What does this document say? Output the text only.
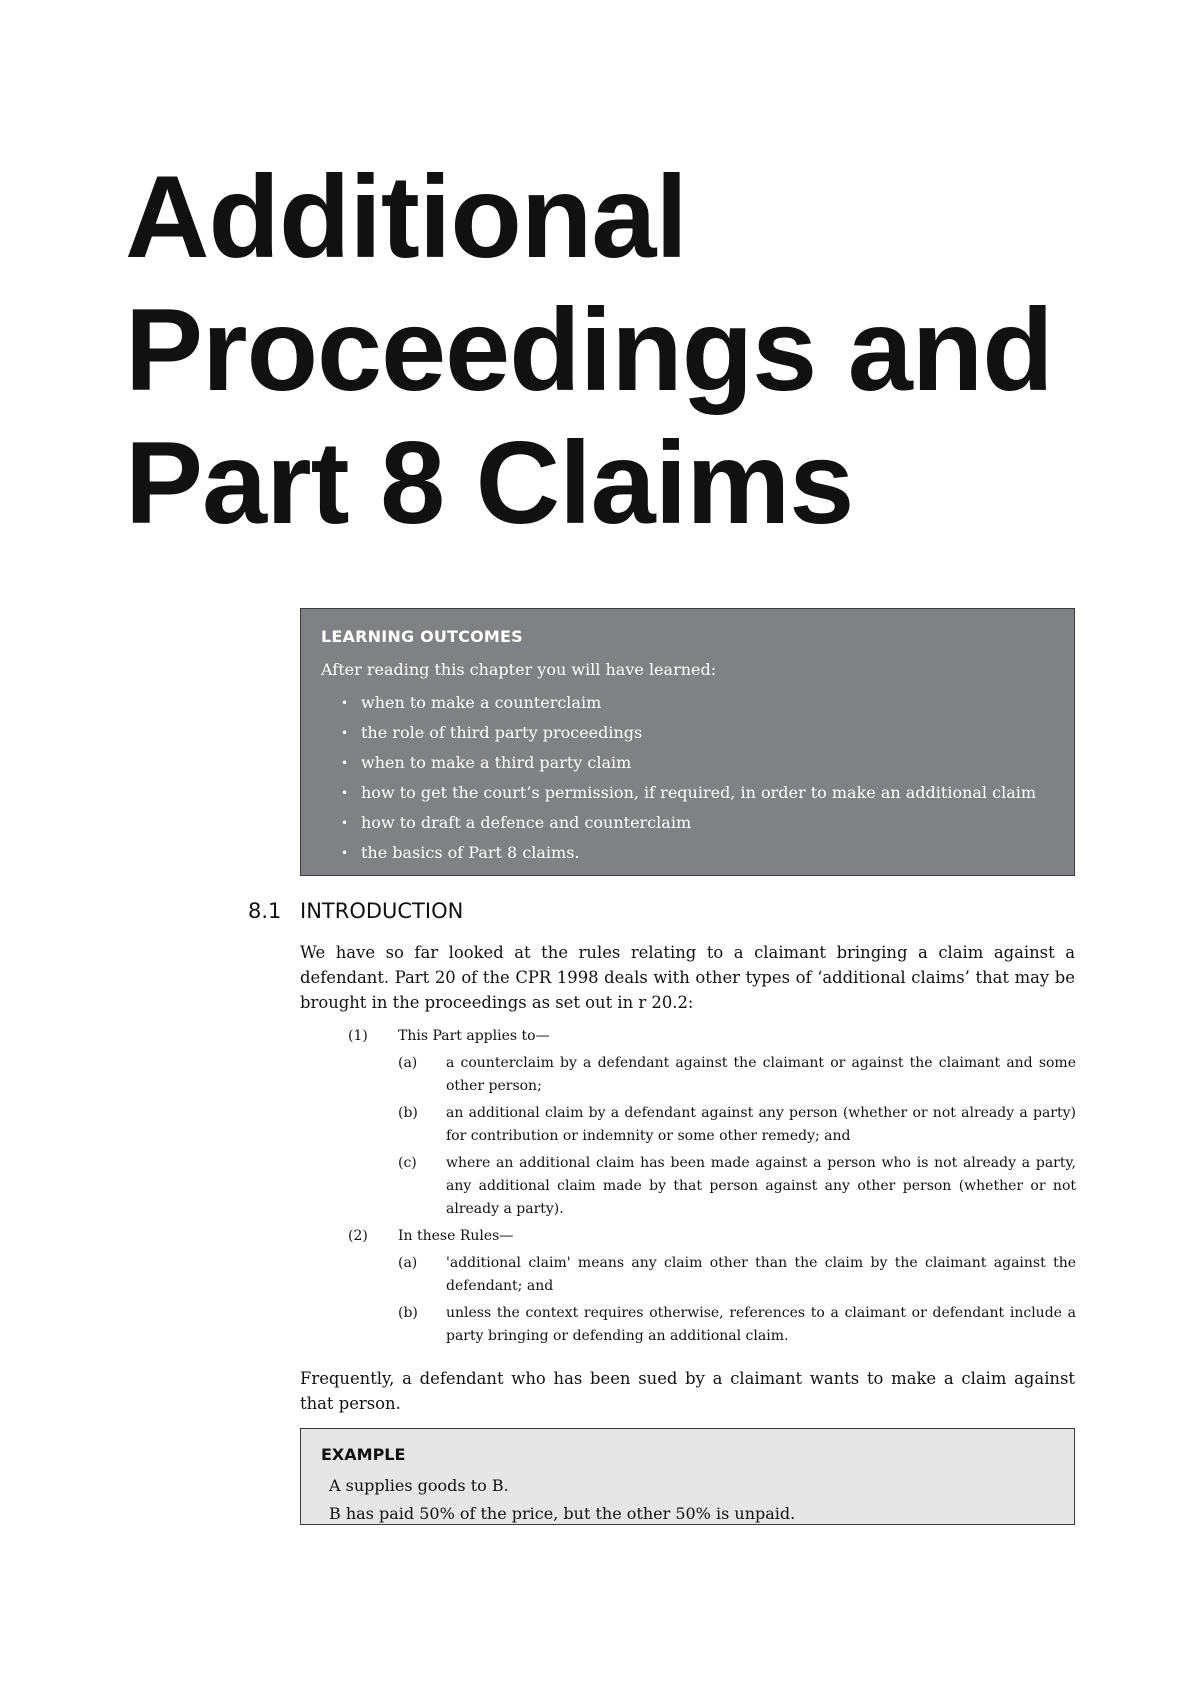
Additional
Proceedings and
Part 8 Claims
LEARNING OUTCOMES
After reading this chapter you will have learned:
• when to make a counterclaim
• the role of third party proceedings
• when to make a third party claim
• how to get the court’s permission, if required, in order to make an additional claim
• how to draft a defence and counterclaim
• the basics of Part 8 claims.
8.1 INTRODUCTION

We have so far looked at the rules relating to a claimant bringing a claim against a defendant. Part 20 of the CPR 1998 deals with other types of ‘additional claims’ that may be brought in the proceedings as set out in r 20.2:

(1)	This Part applies to—
(a)	a counterclaim by a defendant against the claimant or against the claimant and some other person;
(b)	an additional claim by a defendant against any person (whether or not already a party) for contribution or indemnity or some other remedy; and
(c)	where an additional claim has been made against a person who is not already a party, any additional claim made by that person against any other person (whether or not already a party).
(2)	In these Rules—
(a)	'additional claim' means any claim other than the claim by the claimant against the defendant; and
(b)	unless the context requires otherwise, references to a claimant or defendant include a party bringing or defending an additional claim.

Frequently, a defendant who has been sued by a claimant wants to make a claim against that person.

EXAMPLE
A supplies goods to B.
B has paid 50% of the price, but the other 50% is unpaid.
